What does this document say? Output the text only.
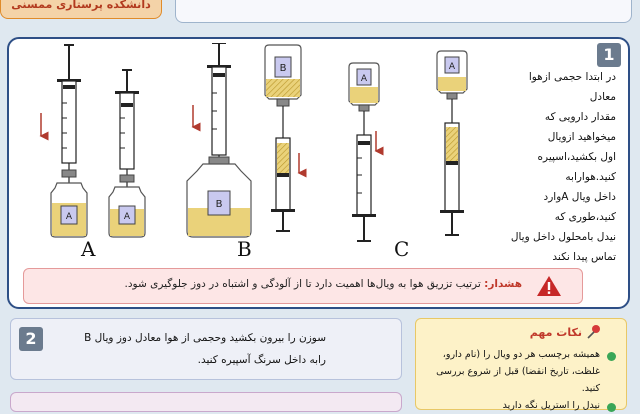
دانشکده پرستاری ممسنی
A	A
B
B
A
A
A	B	C
1
در ابتدا حجمی ازهوا
معادل
مقدار دارویی که
میخواهید ازویال
اول بکشید،اسپیره
کنید.هوارابه
داخل ویال Aوارد
کنید،طوری که
نیدل بامحلول داخل ویال
تماس پیدا نکند
هشدار: ترتیب تزریق هوا به ویال‌ها اهمیت دارد تا از آلودگی و اشتباه در دوز جلوگیری شود.
2	سوزن را بیرون بکشید وحجمی از هوا معادل دوز ویال B
رابه داخل سرنگ آسپیره کنید.
نکات مهم
همیشه برچسب هر دو ویال را (نام دارو، غلظت، تاریخ انقضا) قبل از شروع بررسی کنید.
نیدل را استریل نگه دارید
